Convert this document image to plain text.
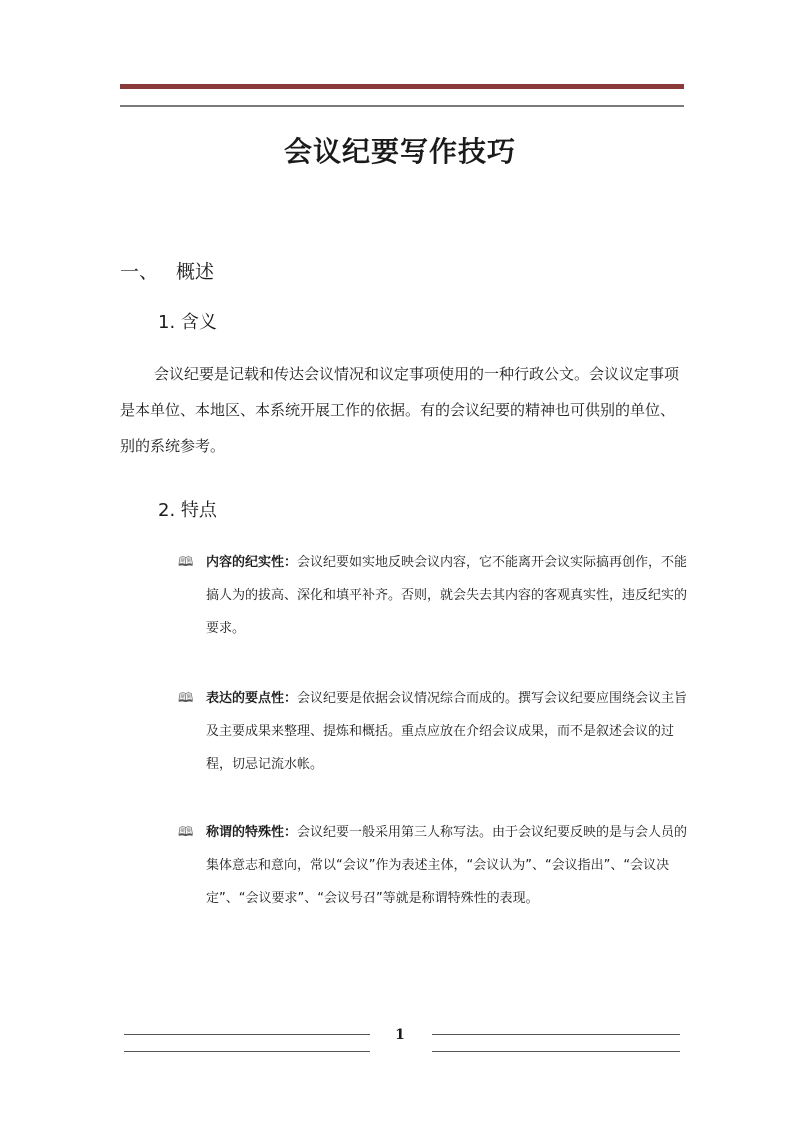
会议纪要写作技巧
一、 概述
1. 含义
会议纪要是记载和传达会议情况和议定事项使用的一种行政公文。会议议定事项是本单位、本地区、本系统开展工作的依据。有的会议纪要的精神也可供别的单位、别的系统参考。
2. 特点
🕮 内容的纪实性：会议纪要如实地反映会议内容，它不能离开会议实际搞再创作，不能搞人为的拔高、深化和填平补齐。否则，就会失去其内容的客观真实性，违反纪实的要求。
🕮 表达的要点性：会议纪要是依据会议情况综合而成的。撰写会议纪要应围绕会议主旨及主要成果来整理、提炼和概括。重点应放在介绍会议成果，而不是叙述会议的过程，切忌记流水帐。
🕮 称谓的特殊性：会议纪要一般采用第三人称写法。由于会议纪要反映的是与会人员的集体意志和意向，常以“会议”作为表述主体，“会议认为”、“会议指出”、“会议决定”、“会议要求”、“会议号召”等就是称谓特殊性的表现。
1
